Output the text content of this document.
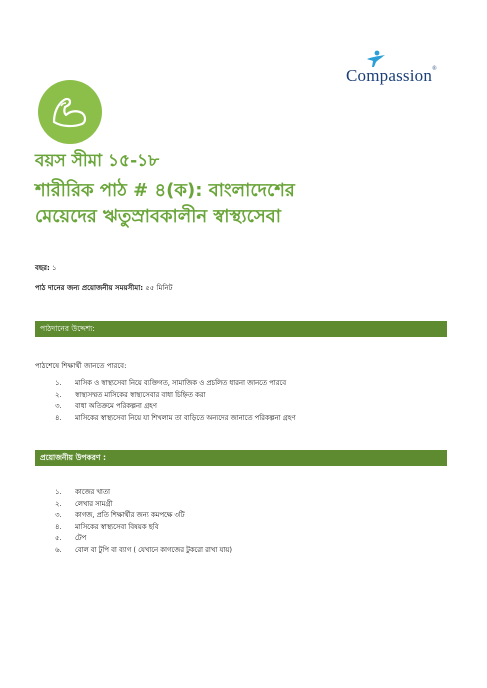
Compassion®
বয়স সীমা ১৫-১৮
শারীরিক পাঠ # ৪(ক): বাংলাদেশের
মেয়েদের ঋতুস্রাবকালীন স্বাস্থ্যসেবা
বছর: ১
পাঠ দানের জন্য প্রয়োজনীয় সময়সীমা: ৫৫ মিনিট
পাঠদানের উদ্দেশ্য:
পাঠশেষে শিক্ষার্থী জানতে পারবে:
১. মাসিক ও স্বাস্থ্যসেবা নিয়ে ব্যক্তিগত, সামাজিক ও প্রচলিত ধারনা জানতে পারবে
২. স্বাস্থ্যসম্মত মাসিকের স্বাস্থ্যসেবার বাধা চিহ্নিত করা
৩. বাধা অতিক্রমে পরিকল্পনা গ্রহণ
৪. মাসিকের স্বাস্থ্যসেবা নিয়ে যা শিখলাম তা বাড়িতে অন্যদের জানাতে পরিকল্পনা গ্রহণ
প্রয়োজনীয় উপকরণ :
১. কাজের খাতা
২. লেখার সামগ্রী
৩. কাগজ, প্রতি শিক্ষার্থীর জন্য কমপক্ষে ৩টি
৪. মাসিকের স্বাস্থ্যসেবা বিষয়ক ছবি
৫. টেপ
৬. বোল বা টুপি বা ব্যাগ ( যেখানে কাগজের টুকরো রাখা যায়)
